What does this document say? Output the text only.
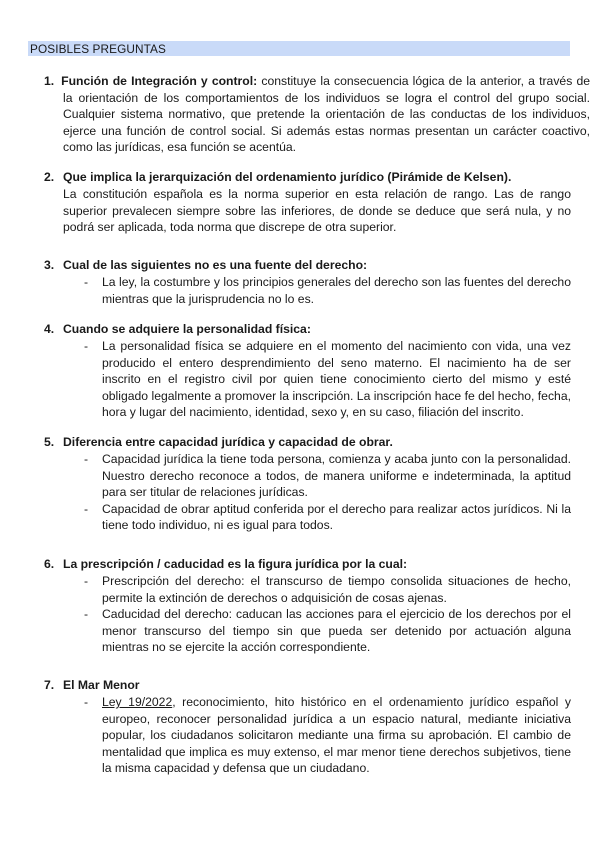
POSIBLES PREGUNTAS
1. Función de Integración y control: constituye la consecuencia lógica de la anterior, a través de la orientación de los comportamientos de los individuos se logra el control del grupo social. Cualquier sistema normativo, que pretende la orientación de las conductas de los individuos, ejerce una función de control social. Si además estas normas presentan un carácter coactivo, como las jurídicas, esa función se acentúa.
2. Que implica la jerarquización del ordenamiento jurídico (Pirámide de Kelsen).
La constitución española es la norma superior en esta relación de rango. Las de rango superior prevalecen siempre sobre las inferiores, de donde se deduce que será nula, y no podrá ser aplicada, toda norma que discrepe de otra superior.
3. Cual de las siguientes no es una fuente del derecho:
- La ley, la costumbre y los principios generales del derecho son las fuentes del derecho mientras que la jurisprudencia no lo es.
4. Cuando se adquiere la personalidad física:
- La personalidad física se adquiere en el momento del nacimiento con vida, una vez producido el entero desprendimiento del seno materno. El nacimiento ha de ser inscrito en el registro civil por quien tiene conocimiento cierto del mismo y esté obligado legalmente a promover la inscripción. La inscripción hace fe del hecho, fecha, hora y lugar del nacimiento, identidad, sexo y, en su caso, filiación del inscrito.
5. Diferencia entre capacidad jurídica y capacidad de obrar.
- Capacidad jurídica la tiene toda persona, comienza y acaba junto con la personalidad. Nuestro derecho reconoce a todos, de manera uniforme e indeterminada, la aptitud para ser titular de relaciones jurídicas.
- Capacidad de obrar aptitud conferida por el derecho para realizar actos jurídicos. Ni la tiene todo individuo, ni es igual para todos.
6. La prescripción / caducidad es la figura jurídica por la cual:
- Prescripción del derecho: el transcurso de tiempo consolida situaciones de hecho, permite la extinción de derechos o adquisición de cosas ajenas.
- Caducidad del derecho: caducan las acciones para el ejercicio de los derechos por el menor transcurso del tiempo sin que pueda ser detenido por actuación alguna mientras no se ejercite la acción correspondiente.
7. El Mar Menor
- Ley 19/2022, reconocimiento, hito histórico en el ordenamiento jurídico español y europeo, reconocer personalidad jurídica a un espacio natural, mediante iniciativa popular, los ciudadanos solicitaron mediante una firma su aprobación. El cambio de mentalidad que implica es muy extenso, el mar menor tiene derechos subjetivos, tiene la misma capacidad y defensa que un ciudadano.
